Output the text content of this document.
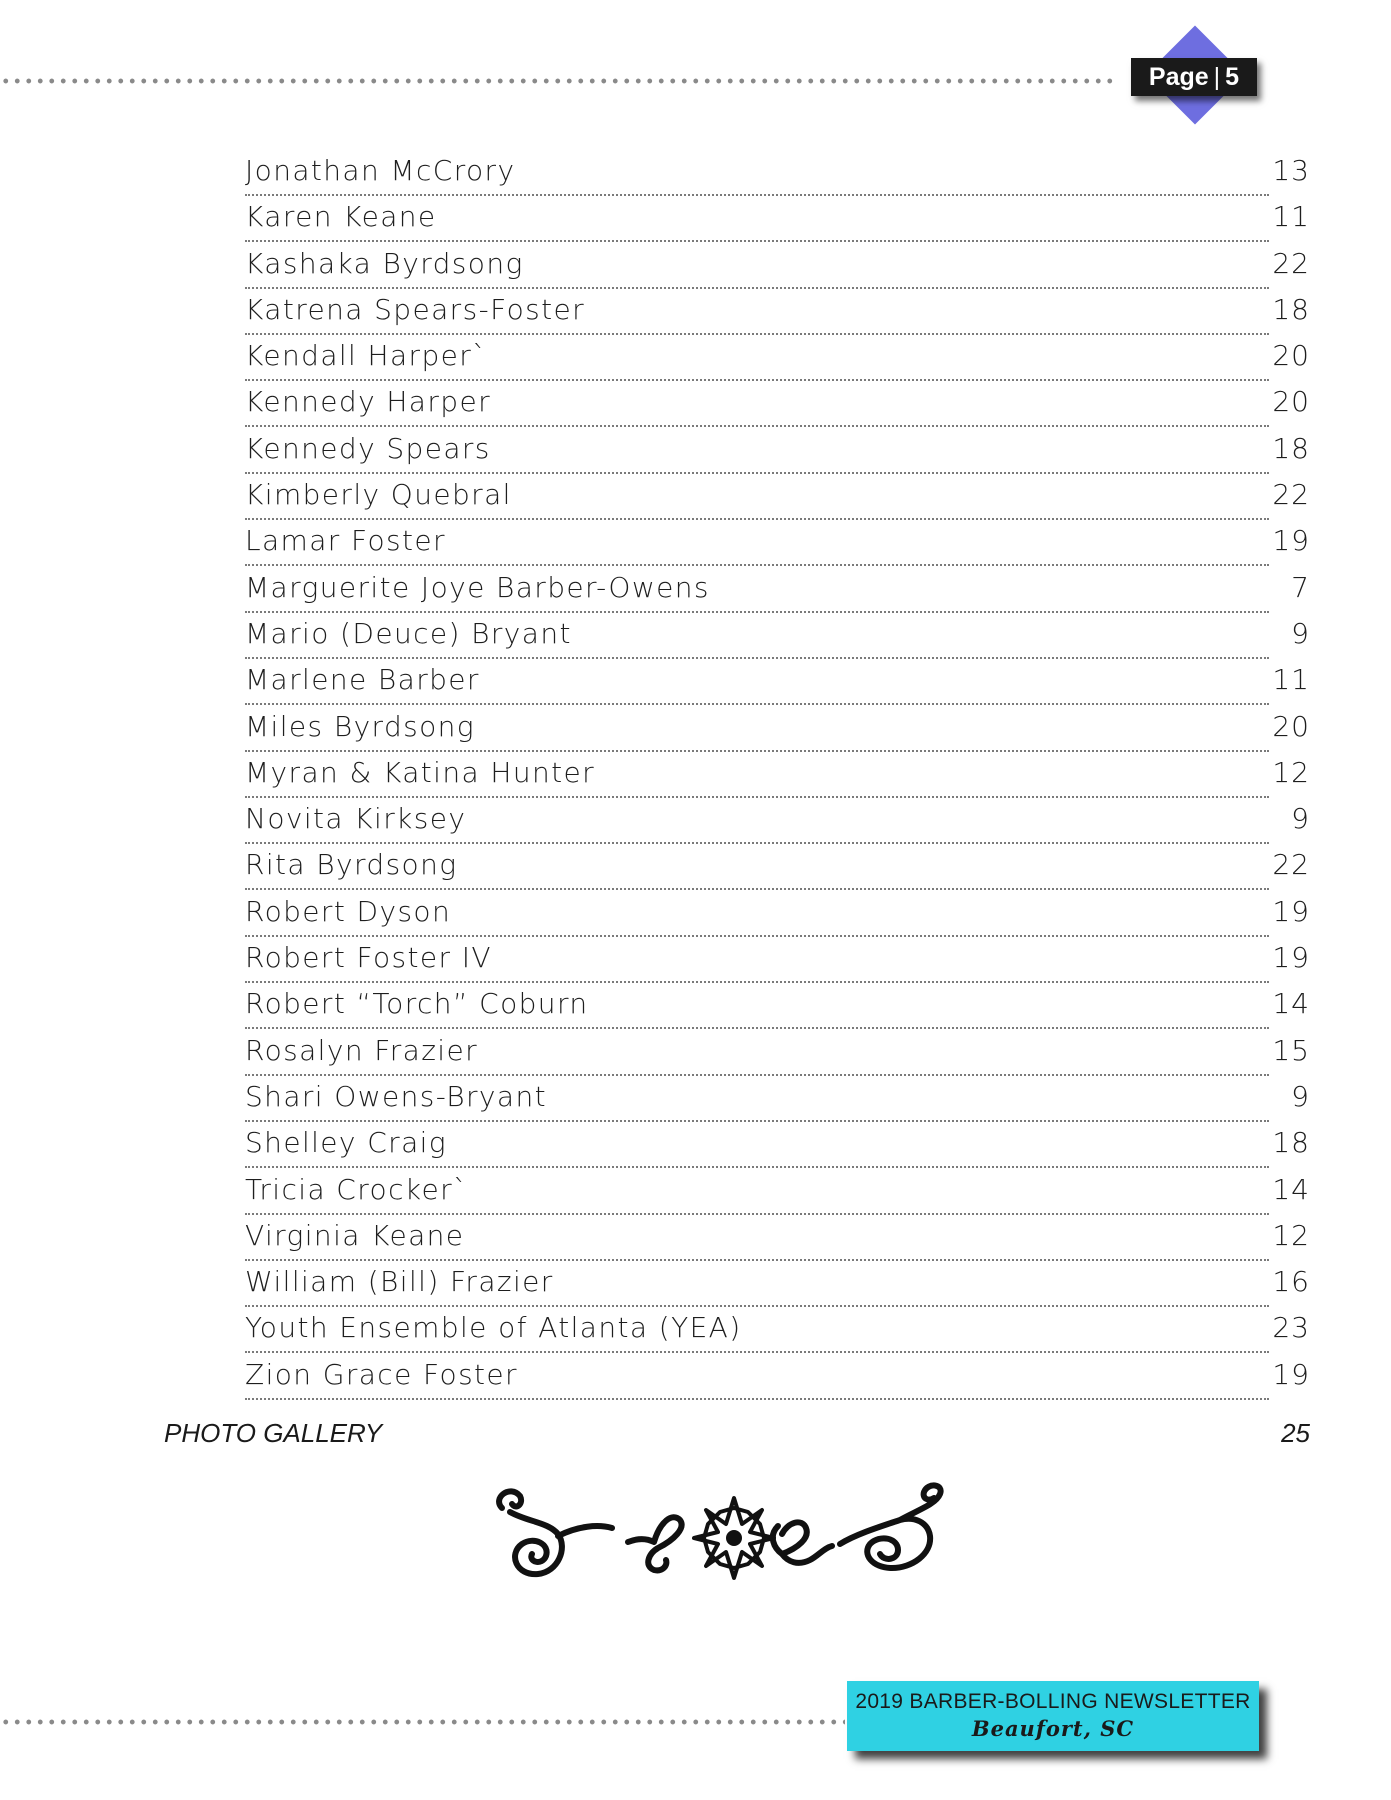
Page | 5
Jonathan McCrory	13
Karen Keane	11
Kashaka Byrdsong	22
Katrena Spears-Foster	18
Kendall Harper`	20
Kennedy Harper	20
Kennedy Spears	18
Kimberly Quebral	22
Lamar Foster	19
Marguerite Joye Barber-Owens	7
Mario (Deuce) Bryant	9
Marlene Barber	11
Miles Byrdsong	20
Myran & Katina Hunter	12
Novita Kirksey	9
Rita Byrdsong	22
Robert Dyson	19
Robert Foster IV	19
Robert “Torch” Coburn	14
Rosalyn Frazier	15
Shari Owens-Bryant	9
Shelley Craig	18
Tricia Crocker`	14
Virginia Keane	12
William (Bill) Frazier	16
Youth Ensemble of Atlanta (YEA)	23
Zion Grace Foster	19
PHOTO GALLERY	25
2019 BARBER-BOLLING NEWSLETTER
Beaufort, SC
